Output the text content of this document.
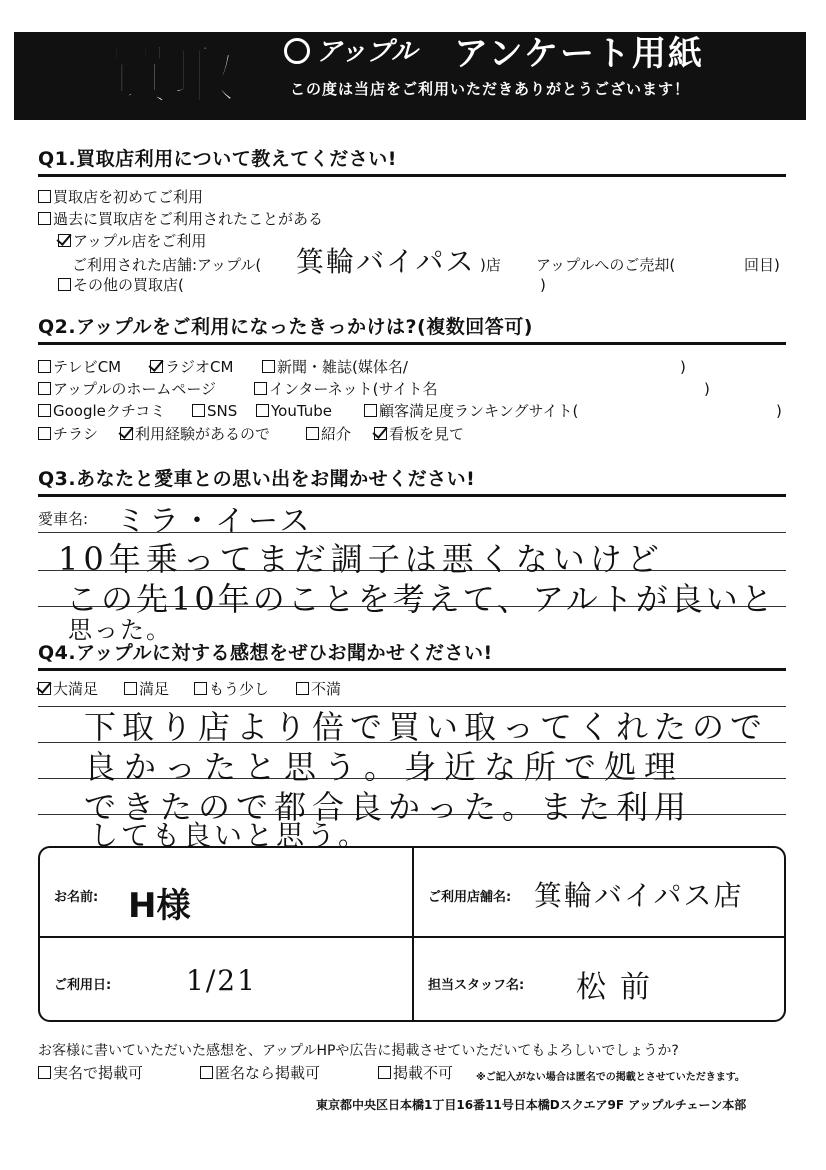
買取	アップル アンケート用紙
この度は当店をご利用いただきありがとうございます！
Q1.買取店利用について教えてください!
買取店を初めてご利用
過去に買取店をご利用されたことがある
アップル店をご利用
ご利用された店舗:アップル( 箕輪バイパス )店 アップルへのご売却(	回目)
その他の買取店(	)
Q2.アップルをご利用になったきっかけは?(複数回答可)
テレビCM	ラジオCM	新聞・雑誌(媒体名/	)
アップルのホームページ	インターネット(サイト名	)
Googleクチコミ	SNS	YouTube	顧客満足度ランキングサイト(	)
チラシ	利用経験があるので	紹介	看板を見て
Q3.あなたと愛車との思い出をお聞かせください!
愛車名: ミラ・イース
10年乗ってまだ調子は悪くないけど
この先10年のことを考えて、アルトが良いと
思った。
Q4.アップルに対する感想をぜひお聞かせください!
大満足	満足	もう少し	不満
下取り店より倍で買い取ってくれたので
良かったと思う。身近な所で処理
できたので都合良かった。また利用
しても良いと思う。
お名前: H様	ご利用店舗名: 箕輪バイパス店
ご利用日:	1/21	担当スタッフ名: 松前
お客様に書いていただいた感想を、アップルHPや広告に掲載させていただいてもよろしいでしょうか?
実名で掲載可	匿名なら掲載可	掲載不可 ※ご記入がない場合は匿名での掲載とさせていただきます。
東京都中央区日本橋1丁目16番11号日本橋Dスクエア9F アップルチェーン本部
